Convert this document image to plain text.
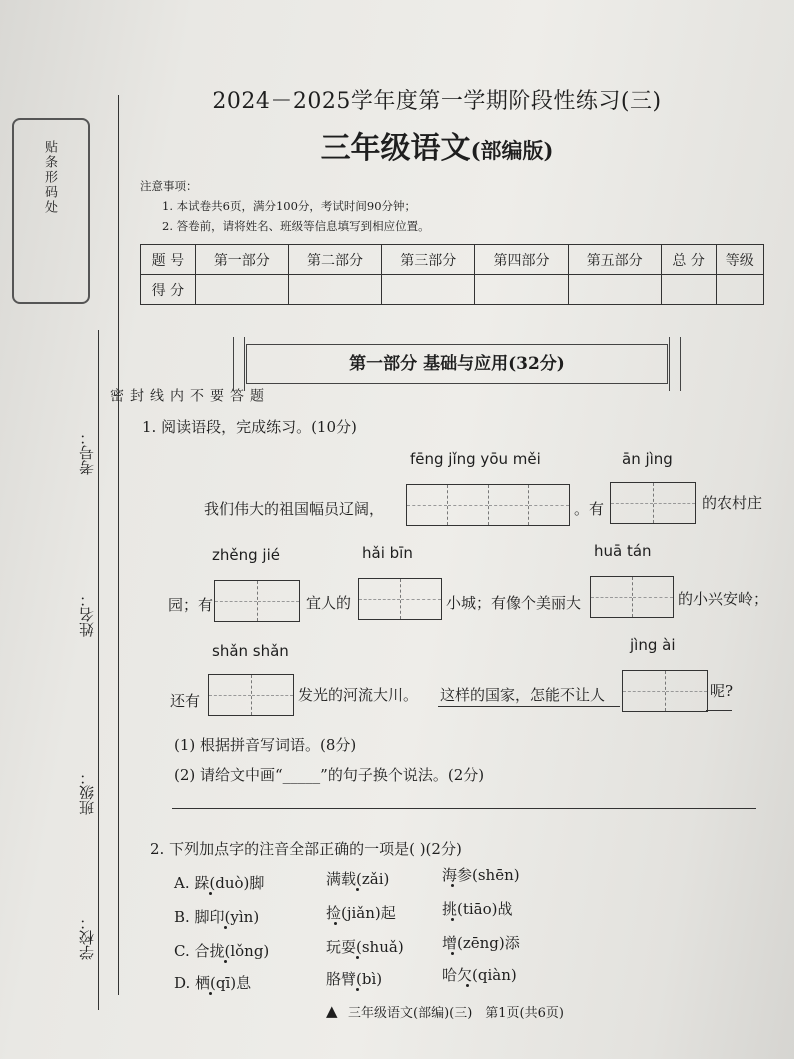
贴条形码处
考号：
姓名：
班级：
学校：
题
答
要
不
内
线
封
密
2024－2025学年度第一学期阶段性练习(三)
三年级语文(部编版)
注意事项：
1. 本试卷共6页，满分100分，考试时间90分钟；
2. 答卷前，请将姓名、班级等信息填写到相应位置。
题 号	第一部分	第二部分	第三部分	第四部分	第五部分	总 分	等级
得 分							
第一部分 基础与应用(32分)
1. 阅读语段，完成练习。(10分)
fēng jǐng yōu měi	ān jìng
我们伟大的祖国幅员辽阔，	。有	的农村庄
zhěng jié	hǎi bīn	huā tán
园；有	宜人的	小城；有像个美丽大	的小兴安岭；
shǎn shǎn	jìng ài
还有	发光的河流大川。 这样的国家，怎能不让人	呢?
(1) 根据拼音写词语。(8分)
(2) 请给文中画“_____”的句子换个说法。(2分)
2. 下列加点字的注音全部正确的一项是( )(2分)
A. 跺(duò)脚	满载(zǎi)	海参(shēn)
B. 脚印(yìn)	捡(jiǎn)起	挑(tiāo)战
C. 合拢(lǒng)	玩耍(shuǎ)	增(zēng)添
D. 栖(qī)息	胳臂(bì)	哈欠(qiàn)
▲ 三年级语文(部编)(三)　第1页(共6页)
